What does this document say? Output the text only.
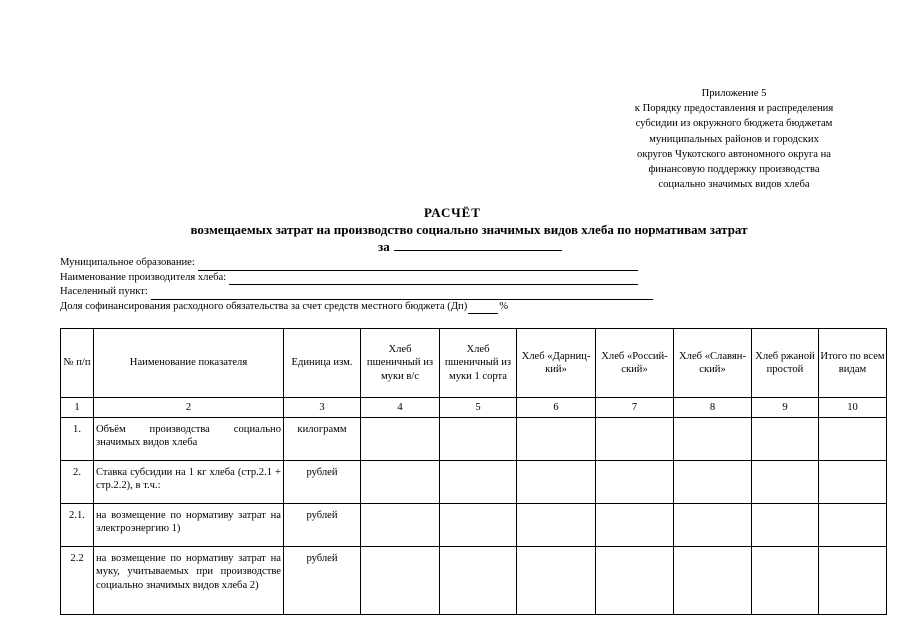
Приложение 5
к Порядку предоставления и распределения
субсидии из окружного бюджета бюджетам
муниципальных районов и городских
округов Чукотского автономного округа на
финансовую поддержку производства
социально значимых видов хлеба
РАСЧЁТ
возмещаемых затрат на производство социально значимых видов хлеба по нормативам затрат
за
Муниципальное образование:
Наименование производителя хлеба:
Населенный пункт:
Доля софинансирования расходного обязательства за счет средств местного бюджета (Дп)	%
№ п/п	Наименование показателя	Единица изм.	Хлеб пшеничный из муки в/с	Хлеб пшеничный из муки 1 сорта	Хлеб «Дарниц-кий»	Хлеб «Россий-ский»	Хлеб «Славян-ский»	Хлеб ржаной простой	Итого по всем видам
1	2	3	4	5	6	7	8	9	10
1.	Объём производства социально значимых видов хлеба	килограмм							
2.	Ставка субсидии на 1 кг хлеба (стр.2.1 + стр.2.2), в т.ч.:	рублей							
2.1.	на возмещение по нормативу затрат на электроэнергию 1)	рублей							
2.2	на возмещение по нормативу затрат на муку, учитываемых при производстве социально значимых видов хлеба 2)	рублей							
